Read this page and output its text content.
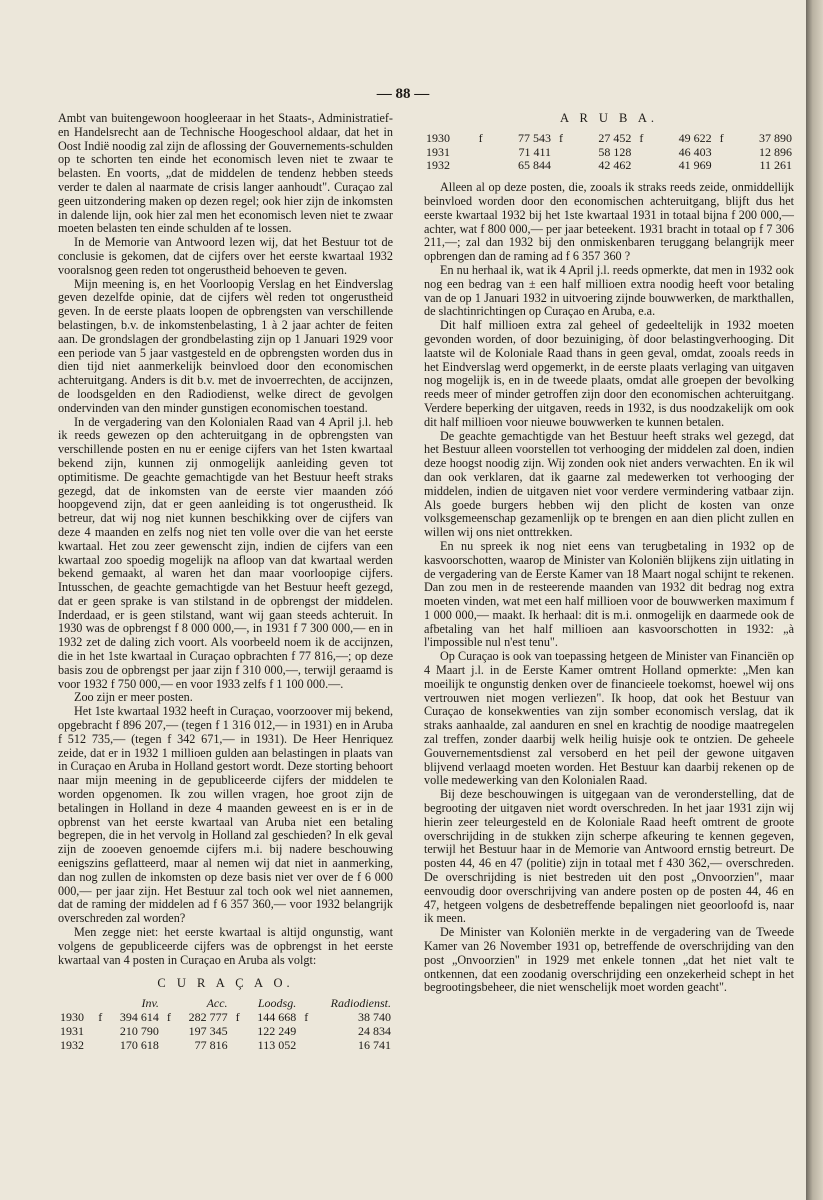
— 88 —

Ambt van buitengewoon hoogleeraar in het Staats-, Administratief- en Handelsrecht aan de Technische Hoogeschool aldaar, dat het in Oost Indië noodig zal zijn de aflossing der Gouvernements-schulden op te schorten ten einde het economisch leven niet te zwaar te belasten. En voorts, „dat de middelen de tendenz hebben steeds verder te dalen al naarmate de crisis langer aanhoudt". Curaçao zal geen uitzondering maken op dezen regel; ook hier zijn de inkomsten in dalende lijn, ook hier zal men het economisch leven niet te zwaar moeten belasten ten einde schulden af te lossen.

In de Memorie van Antwoord lezen wij, dat het Bestuur tot de conclusie is gekomen, dat de cijfers over het eerste kwartaal 1932 vooralsnog geen reden tot ongerustheid behoeven te geven.

Mijn meening is, en het Voorloopig Verslag en het Eindverslag geven dezelfde opinie, dat de cijfers wèl reden tot ongerustheid geven. In de eerste plaats loopen de opbrengsten van verschillende belastingen, b.v. de inkomstenbelasting, 1 à 2 jaar achter de feiten aan. De grondslagen der grondbelasting zijn op 1 Januari 1929 voor een periode van 5 jaar vastgesteld en de opbrengsten worden dus in dien tijd niet aanmerkelijk beinvloed door den economischen achteruitgang. Anders is dit b.v. met de invoerrechten, de accijnzen, de loodsgelden en den Radiodienst, welke direct de gevolgen ondervinden van den minder gunstigen economischen toestand.

In de vergadering van den Kolonialen Raad van 4 April j.l. heb ik reeds gewezen op den achteruitgang in de opbrengsten van verschillende posten en nu er eenige cijfers van het 1sten kwartaal bekend zijn, kunnen zij onmogelijk aanleiding geven tot optimitisme. De geachte gemachtigde van het Bestuur heeft straks gezegd, dat de inkomsten van de eerste vier maanden zóó hoopgevend zijn, dat er geen aanleiding is tot ongerustheid. Ik betreur, dat wij nog niet kunnen beschikking over de cijfers van deze 4 maanden en zelfs nog niet ten volle over die van het eerste kwartaal. Het zou zeer gewenscht zijn, indien de cijfers van een kwartaal zoo spoedig mogelijk na afloop van dat kwartaal werden bekend gemaakt, al waren het dan maar voorloopige cijfers. Intusschen, de geachte gemachtigde van het Bestuur heeft gezegd, dat er geen sprake is van stilstand in de opbrengst der middelen. Inderdaad, er is geen stilstand, want wij gaan steeds achteruit. In 1930 was de opbrengst f 8 000 000,—, in 1931 f 7 300 000,— en in 1932 zet de daling zich voort. Als voorbeeld noem ik de accijnzen, die in het 1ste kwartaal in Curaçao opbrachten f 77 816,—; op deze basis zou de opbrengst per jaar zijn f 310 000,—, terwijl geraamd is voor 1932 f 750 000,— en voor 1933 zelfs f 1 100 000.—.

Zoo zijn er meer posten.

Het 1ste kwartaal 1932 heeft in Curaçao, voorzoover mij bekend, opgebracht f 896 207,— (tegen f 1 316 012,— in 1931) en in Aruba f 512 735,— (tegen f 342 671,— in 1931). De Heer Henriquez zeide, dat er in 1932 1 millioen gulden aan belastingen in plaats van in Curaçao en Aruba in Holland gestort wordt. Deze storting behoort naar mijn meening in de gepubliceerde cijfers der middelen te worden opgenomen. Ik zou willen vragen, hoe groot zijn de betalingen in Holland in deze 4 maanden geweest en is er in de opbrenst van het eerste kwartaal van Aruba niet een betaling begrepen, die in het vervolg in Holland zal geschieden? In elk geval zijn de zooeven genoemde cijfers m.i. bij nadere beschouwing eenigszins geflatteerd, maar al nemen wij dat niet in aanmerking, dan nog zullen de inkomsten op deze basis niet ver over de f 6 000 000,— per jaar zijn. Het Bestuur zal toch ook wel niet aannemen, dat de raming der middelen ad f 6 357 360,— voor 1932 belangrijk overschreden zal worden?

Men zegge niet: het eerste kwartaal is altijd ongunstig, want volgens de gepubliceerde cijfers was de opbrengst in het eerste kwartaal van 4 posten in Curaçao en Aruba als volgt:

C U R A Ç A O.
		Inv.		Acc.		Loodsg.		Radiodienst.
1930	f	394 614	f	282 777	f	144 668	f	38 740
1931		210 790		197 345		122 249		24 834
1932		170 618		77 816		113 052		16 741
A R U B A.
1930	f	77 543	f	27 452	f	49 622	f	37 890
1931		71 411		58 128		46 403		12 896
1932		65 844		42 462		41 969		11 261

Alleen al op deze posten, die, zooals ik straks reeds zeide, onmiddellijk beinvloed worden door den economischen achteruitgang, blijft dus het eerste kwartaal 1932 bij het 1ste kwartaal 1931 in totaal bijna f 200 000,— achter, wat f 800 000,— per jaar beteekent. 1931 bracht in totaal op f 7 306 211,—; zal dan 1932 bij den onmiskenbaren teruggang belangrijk meer opbrengen dan de raming ad f 6 357 360 ?

En nu herhaal ik, wat ik 4 April j.l. reeds opmerkte, dat men in 1932 ook nog een bedrag van ± een half millioen extra noodig heeft voor betaling van de op 1 Januari 1932 in uitvoering zijnde bouwwerken, de markthallen, de slachtinrichtingen op Curaçao en Aruba, e.a.

Dit half millioen extra zal geheel of gedeeltelijk in 1932 moeten gevonden worden, of door bezuiniging, òf door belastingverhooging. Dit laatste wil de Koloniale Raad thans in geen geval, omdat, zooals reeds in het Eindverslag werd opgemerkt, in de eerste plaats verlaging van uitgaven nog mogelijk is, en in de tweede plaats, omdat alle groepen der bevolking reeds meer of minder getroffen zijn door den economischen achteruitgang. Verdere beperking der uitgaven, reeds in 1932, is dus noodzakelijk om ook dit half millioen voor nieuwe bouwwerken te kunnen betalen.

De geachte gemachtigde van het Bestuur heeft straks wel gezegd, dat het Bestuur alleen voorstellen tot verhooging der middelen zal doen, indien deze hoogst noodig zijn. Wij zonden ook niet anders verwachten. En ik wil dan ook verklaren, dat ik gaarne zal medewerken tot verhooging der middelen, indien de uitgaven niet voor verdere vermindering vatbaar zijn. Als goede burgers hebben wij den plicht de kosten van onze volksgemeenschap gezamenlijk op te brengen en aan dien plicht zullen en willen wij ons niet onttrekken.

En nu spreek ik nog niet eens van terugbetaling in 1932 op de kasvoorschotten, waarop de Minister van Koloniën blijkens zijn uitlating in de vergadering van de Eerste Kamer van 18 Maart nogal schijnt te rekenen. Dan zou men in de resteerende maanden van 1932 dit bedrag nog extra moeten vinden, wat met een half millioen voor de bouwwerken maximum f 1 000 000,— maakt. Ik herhaal: dit is m.i. onmogelijk en daarmede ook de afbetaling van het half millioen aan kasvoorschotten in 1932: „à l'impossible nul n'est tenu".

Op Curaçao is ook van toepassing hetgeen de Minister van Financiën op 4 Maart j.l. in de Eerste Kamer omtrent Holland opmerkte: „Men kan moeilijk te ongunstig denken over de financieele toekomst, hoewel wij ons vertrouwen niet mogen verliezen". Ik hoop, dat ook het Bestuur van Curaçao de konsekwenties van zijn somber economisch verslag, dat ik straks aanhaalde, zal aanduren en snel en krachtig de noodige maatregelen zal treffen, zonder daarbij welk heilig huisje ook te ontzien. De geheele Gouvernementsdienst zal versoberd en het peil der gewone uitgaven blijvend verlaagd moeten worden. Het Bestuur kan daarbij rekenen op de volle medewerking van den Kolonialen Raad.

Bij deze beschouwingen is uitgegaan van de veronderstelling, dat de begrooting der uitgaven niet wordt overschreden. In het jaar 1931 zijn wij hierin zeer teleurgesteld en de Koloniale Raad heeft omtrent de groote overschrijding in de stukken zijn scherpe afkeuring te kennen gegeven, terwijl het Bestuur haar in de Memorie van Antwoord ernstig betreurt. De posten 44, 46 en 47 (politie) zijn in totaal met f 430 362,— overschreden. De overschrijding is niet bestreden uit den post „Onvoorzien", maar eenvoudig door overschrijving van andere posten op de posten 44, 46 en 47, hetgeen volgens de desbetreffende bepalingen niet geoorloofd is, naar ik meen.

De Minister van Koloniën merkte in de vergadering van de Tweede Kamer van 26 November 1931 op, betreffende de overschrijding van den post „Onvoorzien" in 1929 met enkele tonnen „dat het niet valt te ontkennen, dat een zoodanig overschrijding een onzekerheid schept in het begrootingsbeheer, die niet wenschelijk moet worden geacht".
